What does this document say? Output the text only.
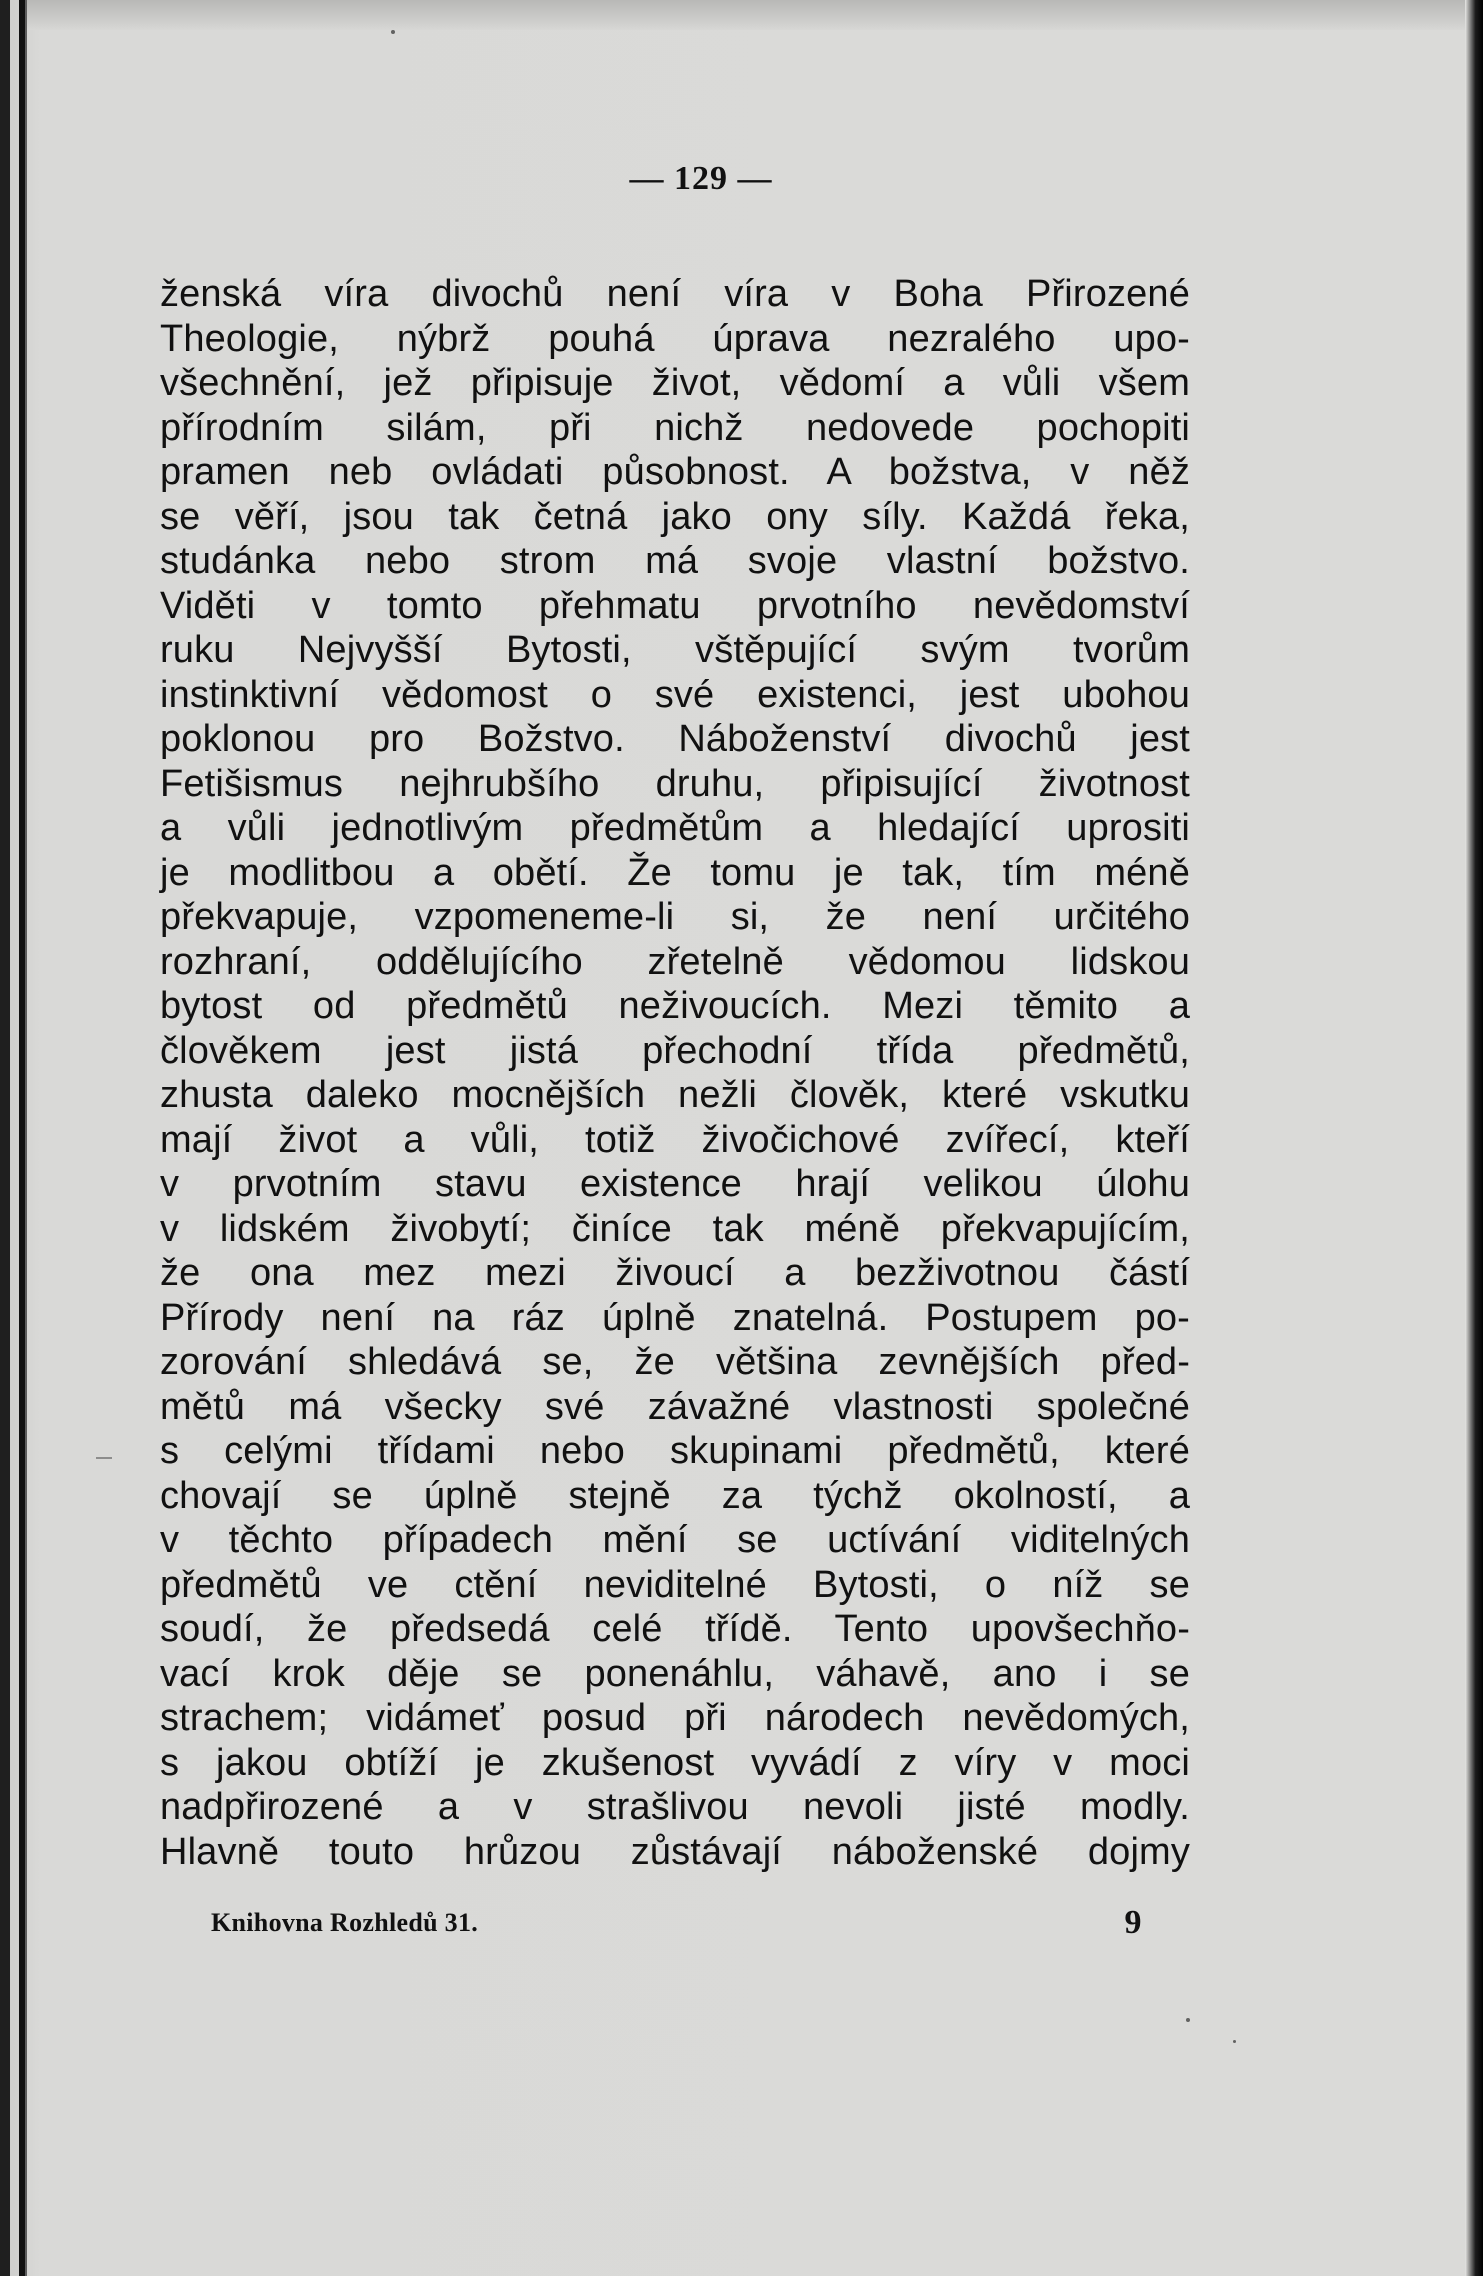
— 129 —
ženská víra divochů není víra v Boha Přirozené
Theologie, nýbrž pouhá úprava nezralého upo-
všechnění, jež připisuje život, vědomí a vůli všem
přírodním silám, při nichž nedovede pochopiti
pramen neb ovládati působnost. A božstva, v něž
se věří, jsou tak četná jako ony síly. Každá řeka,
studánka nebo strom má svoje vlastní božstvo.
Viděti v tomto přehmatu prvotního nevědomství
ruku Nejvyšší Bytosti, vštěpující svým tvorům
instinktivní vědomost o své existenci, jest ubohou
poklonou pro Božstvo. Náboženství divochů jest
Fetišismus nejhrubšího druhu, připisující životnost
a vůli jednotlivým předmětům a hledající uprositi
je modlitbou a obětí. Že tomu je tak, tím méně
překvapuje, vzpomeneme-li si, že není určitého
rozhraní, oddělujícího zřetelně vědomou lidskou
bytost od předmětů neživoucích. Mezi těmito a
člověkem jest jistá přechodní třída předmětů,
zhusta daleko mocnějších nežli člověk, které vskutku
mají život a vůli, totiž živočichové zvířecí, kteří
v prvotním stavu existence hrají velikou úlohu
v lidském živobytí; činíce tak méně překvapujícím,
že ona mez mezi živoucí a bezživotnou částí
Přírody není na ráz úplně znatelná. Postupem po-
zorování shledává se, že většina zevnějších před-
mětů má všecky své závažné vlastnosti společné
s celými třídami nebo skupinami předmětů, které
chovají se úplně stejně za týchž okolností, a
v těchto případech mění se uctívání viditelných
předmětů ve ctění neviditelné Bytosti, o níž se
soudí, že předsedá celé třídě. Tento upovšechňo-
vací krok děje se ponenáhlu, váhavě, ano i se
strachem; vidámeť posud při národech nevědomých,
s jakou obtíží je zkušenost vyvádí z víry v moci
nadpřirozené a v strašlivou nevoli jisté modly.
Hlavně touto hrůzou zůstávají náboženské dojmy
Knihovna Rozhledů 31.	9
